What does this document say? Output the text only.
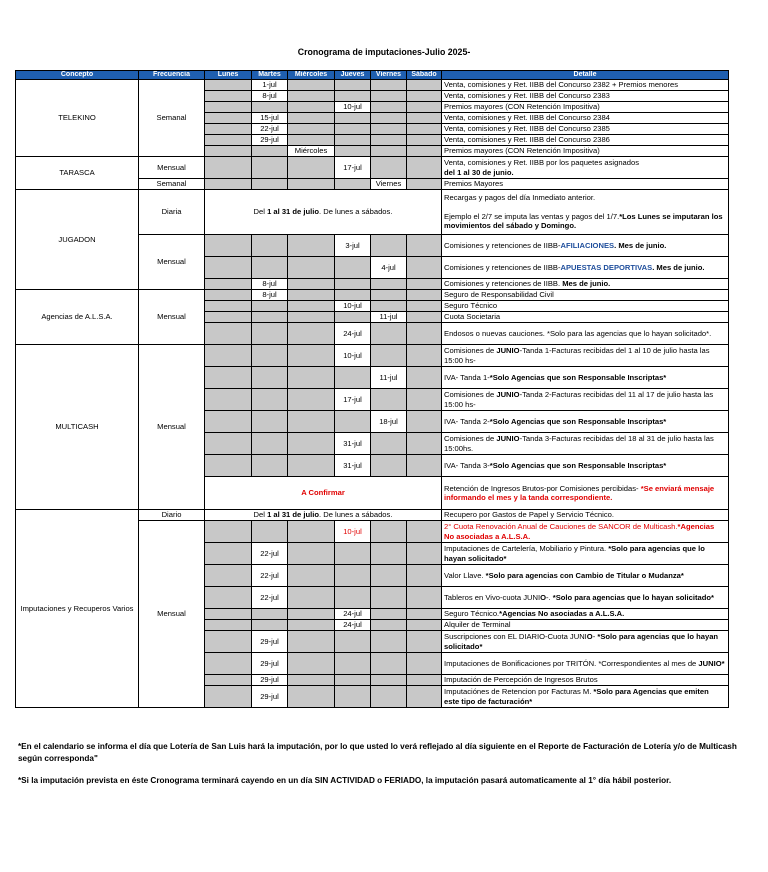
Cronograma de imputaciones-Julio 2025-
Concepto	Frecuencia	Lunes	Martes	Miércoles	Jueves	Viernes	Sábado	Detalle
TELEKINO	Semanal		1-jul					Venta, comisiones y Ret. IIBB del Concurso 2382 + Premios menores
			8-jul					Venta, comisiones y Ret. IIBB del Concurso 2383
					10-jul			Premios mayores (CON Retención Impositiva)
			15-jul					Venta, comisiones y Ret. IIBB del Concurso 2384
			22-jul					Venta, comisiones y Ret. IIBB del Concurso 2385
			29-jul					Venta, comisiones y Ret. IIBB del Concurso 2386
				Miércoles				Premios mayores (CON Retención Impositiva)
TARASCA	Mensual				17-jul			Venta, comisiones y Ret. IIBB por los paquetes asignados
del 1 al 30 de junio.
	Semanal					Viernes		Premios Mayores
JUGADON	Diaria	Del 1 al 31 de julio. De lunes a sábados.						Recargas y pagos del día Inmediato anterior.

Ejemplo el 2/7 se imputa las ventas y pagos del 1/7.*Los Lunes se imputaran los movimientos del sábado y Domingo.
	Mensual				3-jul			Comisiones y retenciones de IIBB-AFILIACIONES. Mes de junio.
						4-jul		Comisiones y retenciones de IIBB-APUESTAS DEPORTIVAS. Mes de junio.
			8-jul					Comisiones y retenciones de IIBB. Mes de junio.
Agencias de A.L.S.A.	Mensual		8-jul					Seguro de Responsabilidad Civil
					10-jul			Seguro Técnico
						11-jul		Cuota Societaria
					24-jul			Endosos o nuevas cauciones. *Solo para las agencias que lo hayan solicitado*.
MULTICASH	Mensual				10-jul			Comisiones de JUNIO-Tanda 1-Facturas recibidas del 1 al 10 de julio hasta las 15:00 hs-
						11-jul		IVA- Tanda 1-*Solo Agencias que son Responsable Inscriptas*
					17-jul			Comisiones de JUNIO-Tanda 2-Facturas recibidas del 11 al 17 de julio hasta las 15:00 hs-
						18-jul		IVA- Tanda 2-*Solo Agencias que son Responsable Inscriptas*
					31-jul			Comisiones de JUNIO-Tanda 3-Facturas recibidas del 18 al 31 de julio hasta las 15:00hs.
					31-jul			IVA- Tanda 3-*Solo Agencias que son Responsable Inscriptas*
		A Confirmar						Retención de Ingresos Brutos-por Comisiones percibidas- *Se enviará mensaje informando el mes y la tanda correspondiente.
Imputaciones y Recuperos Varios	Diario	Del 1 al 31 de julio. De lunes a sábados.						Recupero por Gastos de Papel y Servicio Técnico.
	Mensual				10-jul			2° Cuota Renovación Anual de Cauciones de SANCOR de Multicash.*Agencias No asociadas a A.L.S.A.
			22-jul					Imputaciones de Cartelería, Mobiliario y Pintura. *Solo para agencias que lo hayan solicitado*
			22-jul					Valor Llave. *Solo para agencias con Cambio de Titular o Mudanza*
			22-jul					Tableros en Vivo-cuota JUNIO-. *Solo para agencias que lo hayan solicitado*
					24-jul			Seguro Técnico.*Agencias No asociadas a A.L.S.A.
					24-jul			Alquiler de Terminal
			29-jul					Suscripciones con EL DIARIO-Cuota JUNIO- *Solo para agencias que lo hayan solicitado*
			29-jul					Imputaciones de Bonificaciones por TRITÓN. *Correspondientes al mes de JUNIO*
			29-jul					Imputación de Percepción de Ingresos Brutos
			29-jul					Imputaciónes de Retencion por Facturas M. *Solo para Agencias que emiten este tipo de facturación*

*En el calendario se informa el día que Lotería de San Luis hará la imputación, por lo que usted lo verá reflejado al día siguiente en el Reporte de Facturación de Lotería y/o de Multicash según corresponda"

*Si la imputación prevista en éste Cronograma terminará cayendo en un día SIN ACTIVIDAD o FERIADO, la imputación pasará automaticamente al 1° día hábil posterior.
